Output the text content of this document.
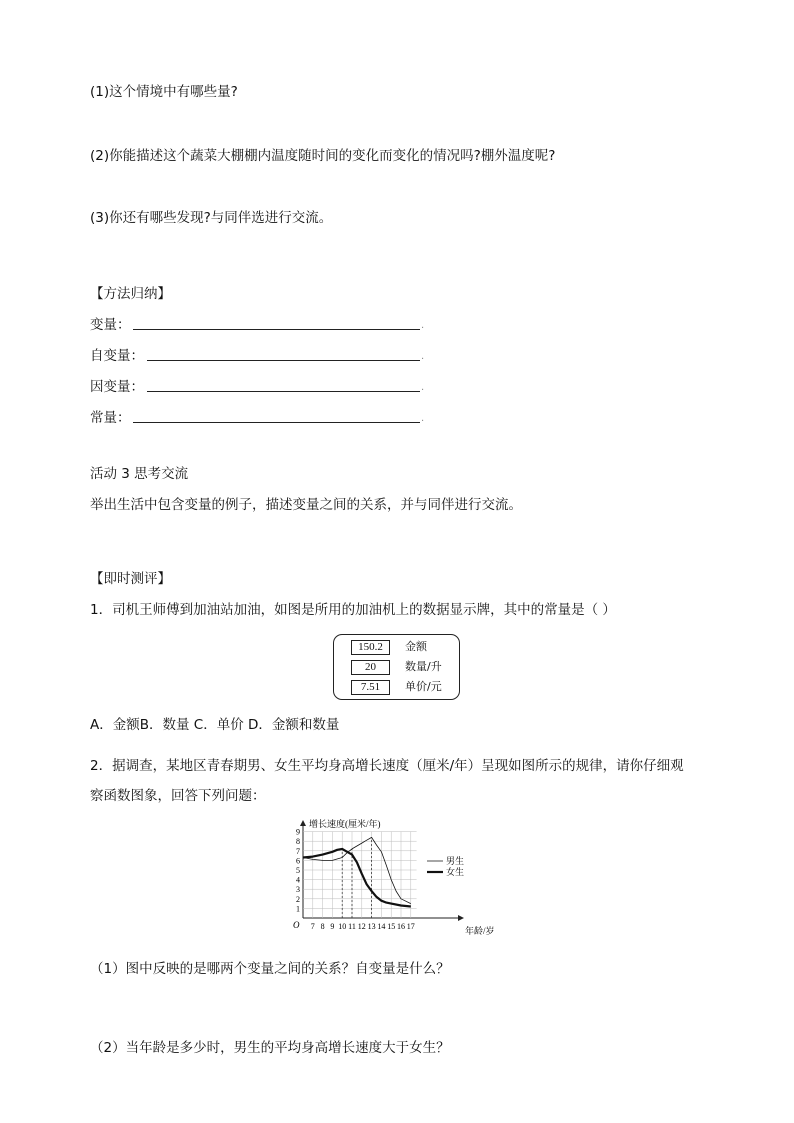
(1)这个情境中有哪些量?
(2)你能描述这个蔬菜大棚棚内温度随时间的变化而变化的情况吗?棚外温度呢?
(3)你还有哪些发现?与同伴选进行交流。
【方法归纳】
变量：	.
自变量：	.
因变量：	.
常量：	.
活动 3 思考交流
举出生活中包含变量的例子，描述变量之间的关系，并与同伴进行交流。
【即时测评】
1．司机王师傅到加油站加油，如图是所用的加油机上的数据显示牌，其中的常量是（ ）
150.2	金额
20	数量/升
7.51	单价/元
A．金额B．数量 C．单价 D．金额和数量
2．据调查，某地区青春期男、女生平均身高增长速度（厘米/年）呈现如图所示的规律，请你仔细观
察函数图象，回答下列问题：
1
2
3
4
5
6
7
8
9
7 8 9 10 11 12 13 14 15 16 17
增长速度(厘米/年)
年龄/岁
O
男生
女生
（1）图中反映的是哪两个变量之间的关系？自变量是什么？
（2）当年龄是多少时，男生的平均身高增长速度大于女生？
